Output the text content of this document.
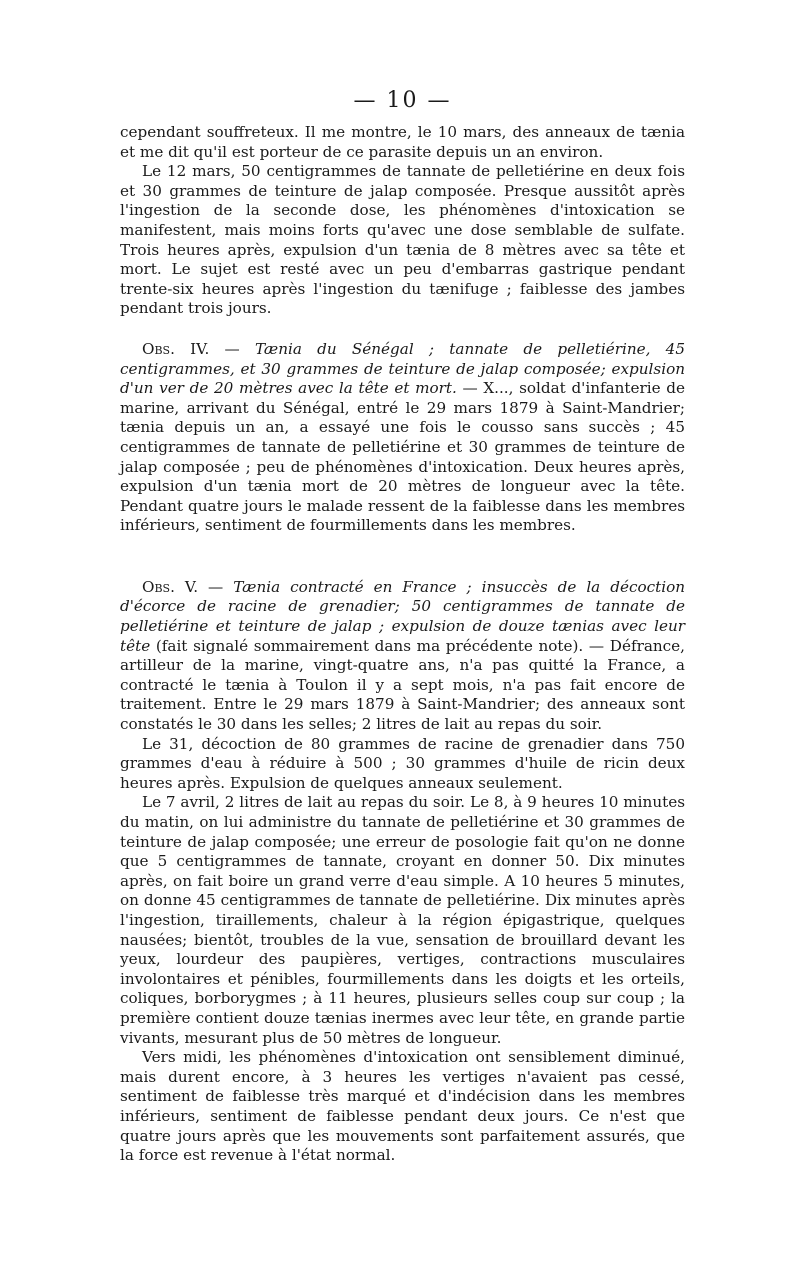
— 10 —

cependant souffreteux. Il me montre, le 10 mars, des anneaux de tænia et me dit qu'il est porteur de ce parasite depuis un an environ.

Le 12 mars, 50 centigrammes de tannate de pelletiérine en deux fois et 30 grammes de teinture de jalap composée. Presque aussitôt après l'ingestion de la seconde dose, les phénomènes d'intoxication se manifestent, mais moins forts qu'avec une dose semblable de sulfate. Trois heures après, expulsion d'un tænia de 8 mètres avec sa tête et mort. Le sujet est resté avec un peu d'embarras gastrique pendant trente-six heures après l'ingestion du tænifuge ; faiblesse des jambes pendant trois jours.

Obs. IV. — Tænia du Sénégal ; tannate de pelletiérine, 45 centigrammes, et 30 grammes de teinture de jalap composée; expulsion d'un ver de 20 mètres avec la tête et mort. — X..., soldat d'infanterie de marine, arrivant du Sénégal, entré le 29 mars 1879 à Saint-Mandrier; tænia depuis un an, a essayé une fois le cousso sans succès ; 45 centigrammes de tannate de pelletiérine et 30 grammes de teinture de jalap composée ; peu de phénomènes d'intoxication. Deux heures après, expulsion d'un tænia mort de 20 mètres de longueur avec la tête. Pendant quatre jours le malade ressent de la faiblesse dans les membres inférieurs, sentiment de fourmillements dans les membres.

Obs. V. — Tænia contracté en France ; insuccès de la décoction d'écorce de racine de grenadier; 50 centigrammes de tannate de pelletiérine et teinture de jalap ; expulsion de douze tænias avec leur tête (fait signalé sommairement dans ma précédente note). — Défrance, artilleur de la marine, vingt-quatre ans, n'a pas quitté la France, a contracté le tænia à Toulon il y a sept mois, n'a pas fait encore de traitement. Entre le 29 mars 1879 à Saint-Mandrier; des anneaux sont constatés le 30 dans les selles; 2 litres de lait au repas du soir.

Le 31, décoction de 80 grammes de racine de grenadier dans 750 grammes d'eau à réduire à 500 ; 30 grammes d'huile de ricin deux heures après. Expulsion de quelques anneaux seulement.

Le 7 avril, 2 litres de lait au repas du soir. Le 8, à 9 heures 10 minutes du matin, on lui administre du tannate de pelletiérine et 30 grammes de teinture de jalap composée; une erreur de posologie fait qu'on ne donne que 5 centigrammes de tannate, croyant en donner 50. Dix minutes après, on fait boire un grand verre d'eau simple. A 10 heures 5 minutes, on donne 45 centigrammes de tannate de pelletiérine. Dix minutes après l'ingestion, tiraillements, chaleur à la région épigastrique, quelques nausées; bientôt, troubles de la vue, sensation de brouillard devant les yeux, lourdeur des paupières, vertiges, contractions musculaires involontaires et pénibles, fourmillements dans les doigts et les orteils, coliques, borborygmes ; à 11 heures, plusieurs selles coup sur coup ; la première contient douze tænias inermes avec leur tête, en grande partie vivants, mesurant plus de 50 mètres de longueur.

Vers midi, les phénomènes d'intoxication ont sensiblement diminué, mais durent encore, à 3 heures les vertiges n'avaient pas cessé, sentiment de faiblesse très marqué et d'indécision dans les membres inférieurs, sentiment de faiblesse pendant deux jours. Ce n'est que quatre jours après que les mouvements sont parfaitement assurés, que la force est revenue à l'état normal.
